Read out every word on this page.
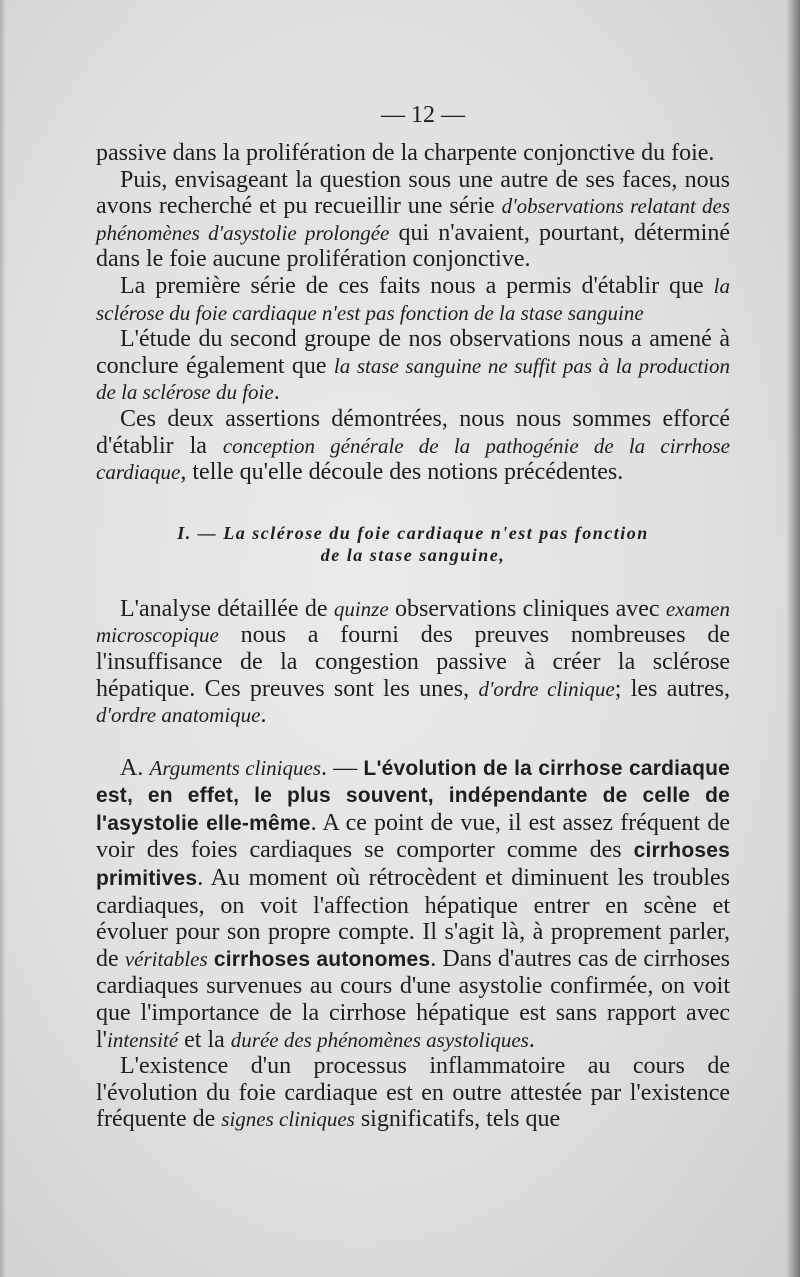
— 12 —

passive dans la prolifération de la charpente conjonctive du foie.

Puis, envisageant la question sous une autre de ses faces, nous avons recherché et pu recueillir une série d'observations relatant des phénomènes d'asystolie prolongée qui n'avaient, pourtant, déterminé dans le foie aucune prolifération conjonctive.

La première série de ces faits nous a permis d'établir que la sclérose du foie cardiaque n'est pas fonction de la stase sanguine

L'étude du second groupe de nos observations nous a amené à conclure également que la stase sanguine ne suffit pas à la production de la sclérose du foie.

Ces deux assertions démontrées, nous nous sommes efforcé d'établir la conception générale de la pathogénie de la cirrhose cardiaque, telle qu'elle découle des notions précédentes.

I. — La sclérose du foie cardiaque n'est pas fonction
de la stase sanguine,

L'analyse détaillée de quinze observations cliniques avec examen microscopique nous a fourni des preuves nombreuses de l'insuffisance de la congestion passive à créer la sclérose hépatique. Ces preuves sont les unes, d'ordre clinique; les autres, d'ordre anatomique.

A. Arguments cliniques. — L'évolution de la cirrhose cardiaque est, en effet, le plus souvent, indépendante de celle de l'asystolie elle-même. A ce point de vue, il est assez fréquent de voir des foies cardiaques se comporter comme des cirrhoses primitives. Au moment où rétrocèdent et diminuent les troubles cardiaques, on voit l'affection hépatique entrer en scène et évoluer pour son propre compte. Il s'agit là, à proprement parler, de véritables cirrhoses autonomes. Dans d'autres cas de cirrhoses cardiaques survenues au cours d'une asystolie confirmée, on voit que l'importance de la cirrhose hépatique est sans rapport avec l'intensité et la durée des phénomènes asystoliques.

L'existence d'un processus inflammatoire au cours de l'évolution du foie cardiaque est en outre attestée par l'existence fréquente de signes cliniques significatifs, tels que
